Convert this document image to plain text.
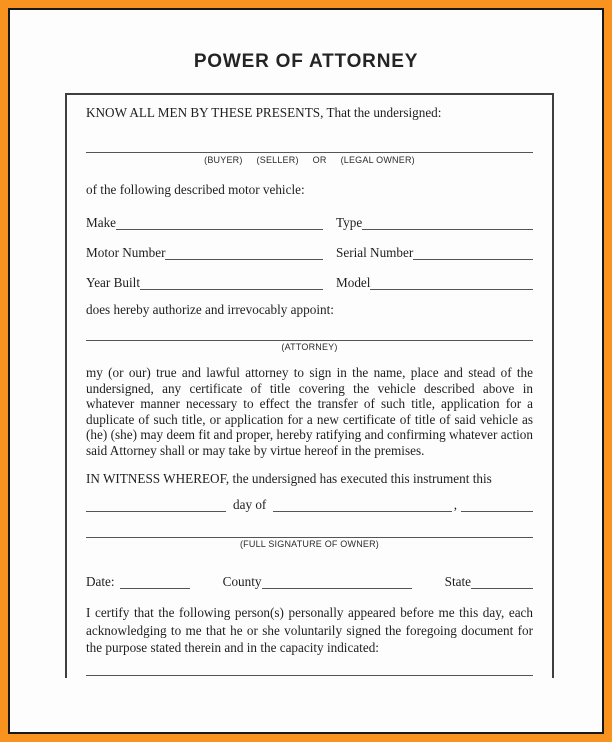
POWER OF ATTORNEY
KNOW ALL MEN BY THESE PRESENTS, That the undersigned:
(BUYER) (SELLER) OR (LEGAL OWNER)
of the following described motor vehicle:
Make	Type
Motor Number	Serial Number
Year Built	Model
does hereby authorize and irrevocably appoint:
(ATTORNEY)
my (or our) true and lawful attorney to sign in the name, place and stead of the undersigned, any certificate of title covering the vehicle described above in whatever manner necessary to effect the transfer of such title, application for a duplicate of such title, or application for a new certificate of title of said vehicle as (he) (she) may deem fit and proper, hereby ratifying and confirming whatever action said Attorney shall or may take by virtue hereof in the premises.
IN WITNESS WHEREOF, the undersigned has executed this instrument this
day of	,
(FULL SIGNATURE OF OWNER)
Date:	County	State
I certify that the following person(s) personally appeared before me this day, each acknowledging to me that he or she voluntarily signed the foregoing document for the purpose stated therein and in the capacity indicated:
